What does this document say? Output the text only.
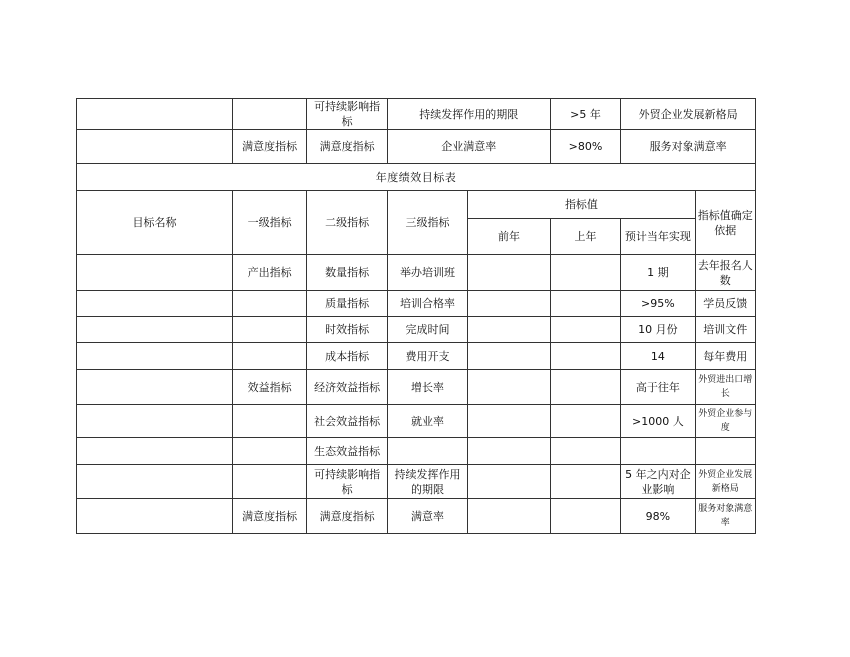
		可持续影响指标	持续发挥作用的期限		>5 年	外贸企业发展新格局	
	满意度指标	满意度指标	企业满意率		>80%	服务对象满意率	
年度绩效目标表							
目标名称	一级指标	二级指标	三级指标	指标值			指标值确定依据
				前年	上年	预计当年实现	
	产出指标	数量指标	举办培训班			1 期	去年报名人数
		质量指标	培训合格率			>95%	学员反馈
		时效指标	完成时间			10 月份	培训文件
		成本指标	费用开支			14	每年费用
	效益指标	经济效益指标	增长率			高于往年	外贸进出口增长
		社会效益指标	就业率			>1000 人	外贸企业参与度
		生态效益指标					
		可持续影响指标	持续发挥作用的期限			5 年之内对企业影响	外贸企业发展新格局
	满意度指标	满意度指标	满意率			98%	服务对象满意率
